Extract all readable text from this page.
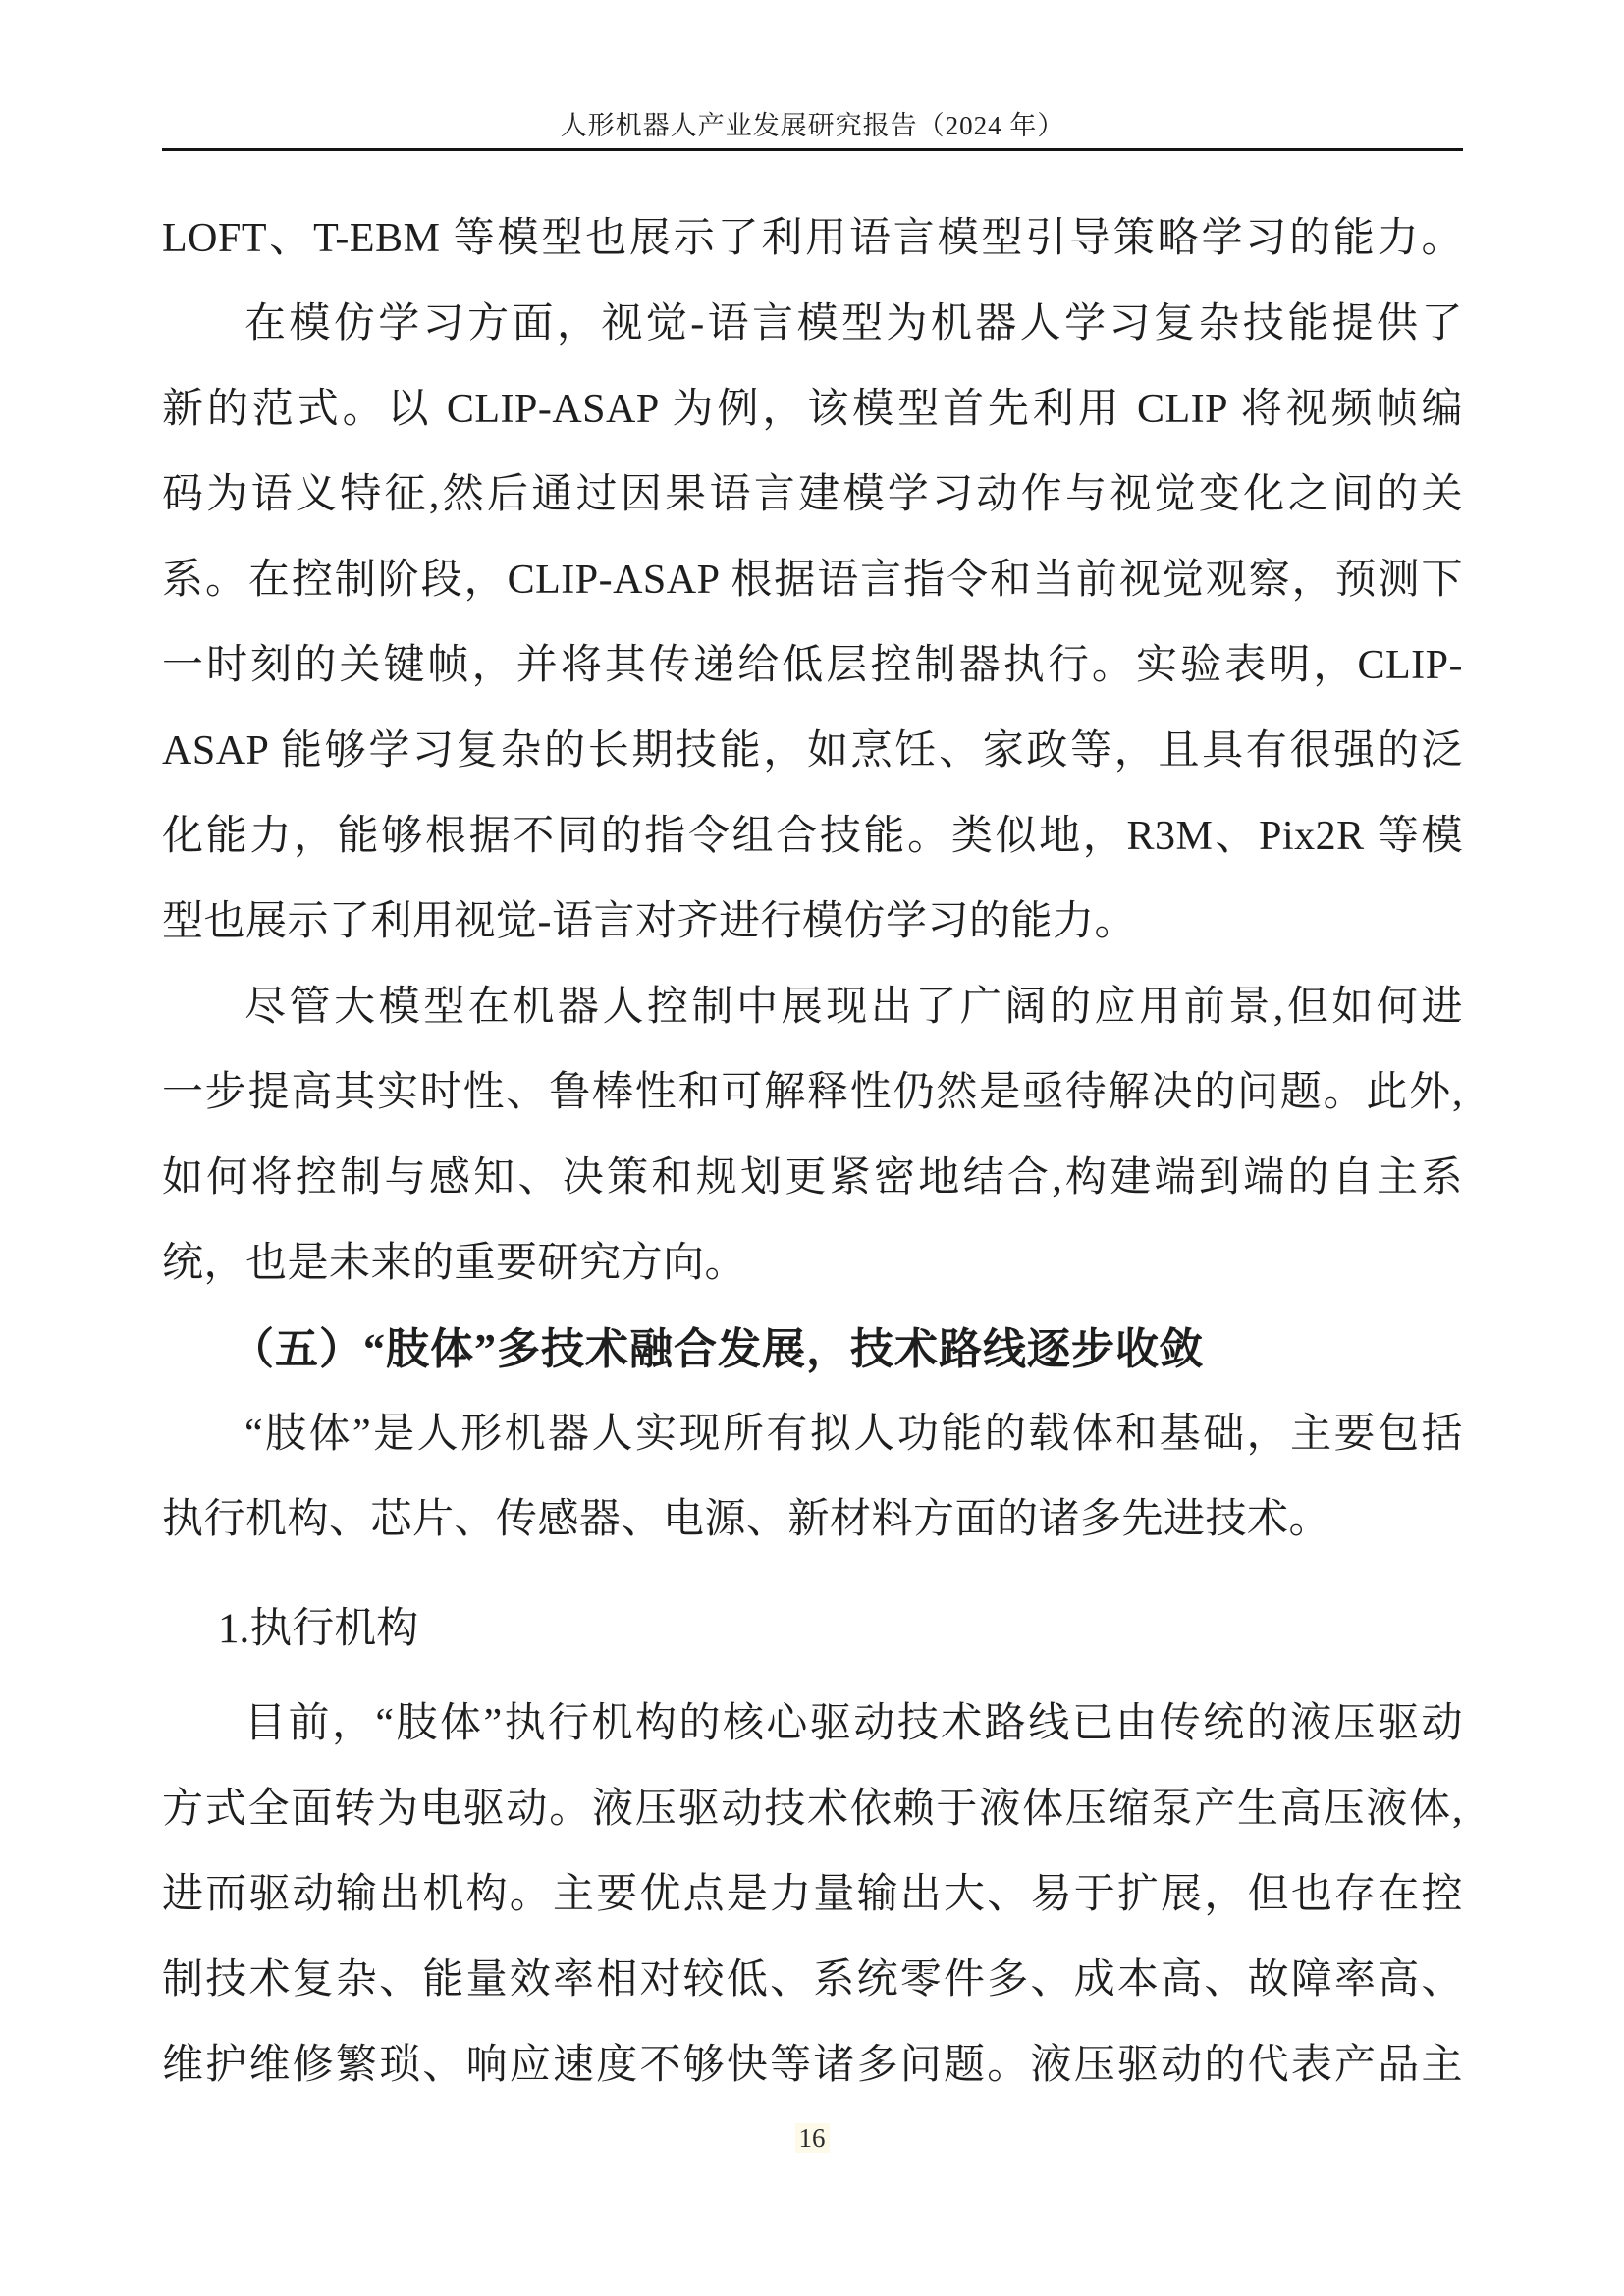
人形机器人产业发展研究报告（2024 年）
LOFT、T-EBM 等模型也展示了利用语言模型引导策略学习的能力。
在模仿学习方面，视觉-语言模型为机器人学习复杂技能提供了
新的范式。以 CLIP-ASAP 为例，该模型首先利用 CLIP 将视频帧编
码为语义特征,然后通过因果语言建模学习动作与视觉变化之间的关
系。在控制阶段，CLIP-ASAP 根据语言指令和当前视觉观察，预测下
一时刻的关键帧，并将其传递给低层控制器执行。实验表明，CLIP-
ASAP 能够学习复杂的长期技能，如烹饪、家政等，且具有很强的泛
化能力，能够根据不同的指令组合技能。类似地，R3M、Pix2R 等模
型也展示了利用视觉-语言对齐进行模仿学习的能力。
尽管大模型在机器人控制中展现出了广阔的应用前景,但如何进
一步提高其实时性、鲁棒性和可解释性仍然是亟待解决的问题。此外,
如何将控制与感知、决策和规划更紧密地结合,构建端到端的自主系
统，也是未来的重要研究方向。
（五）“肢体”多技术融合发展，技术路线逐步收敛
“肢体”是人形机器人实现所有拟人功能的载体和基础，主要包括
执行机构、芯片、传感器、电源、新材料方面的诸多先进技术。
1.执行机构
目前，“肢体”执行机构的核心驱动技术路线已由传统的液压驱动
方式全面转为电驱动。液压驱动技术依赖于液体压缩泵产生高压液体,
进而驱动输出机构。主要优点是力量输出大、易于扩展，但也存在控
制技术复杂、能量效率相对较低、系统零件多、成本高、故障率高、
维护维修繁琐、响应速度不够快等诸多问题。液压驱动的代表产品主
16
